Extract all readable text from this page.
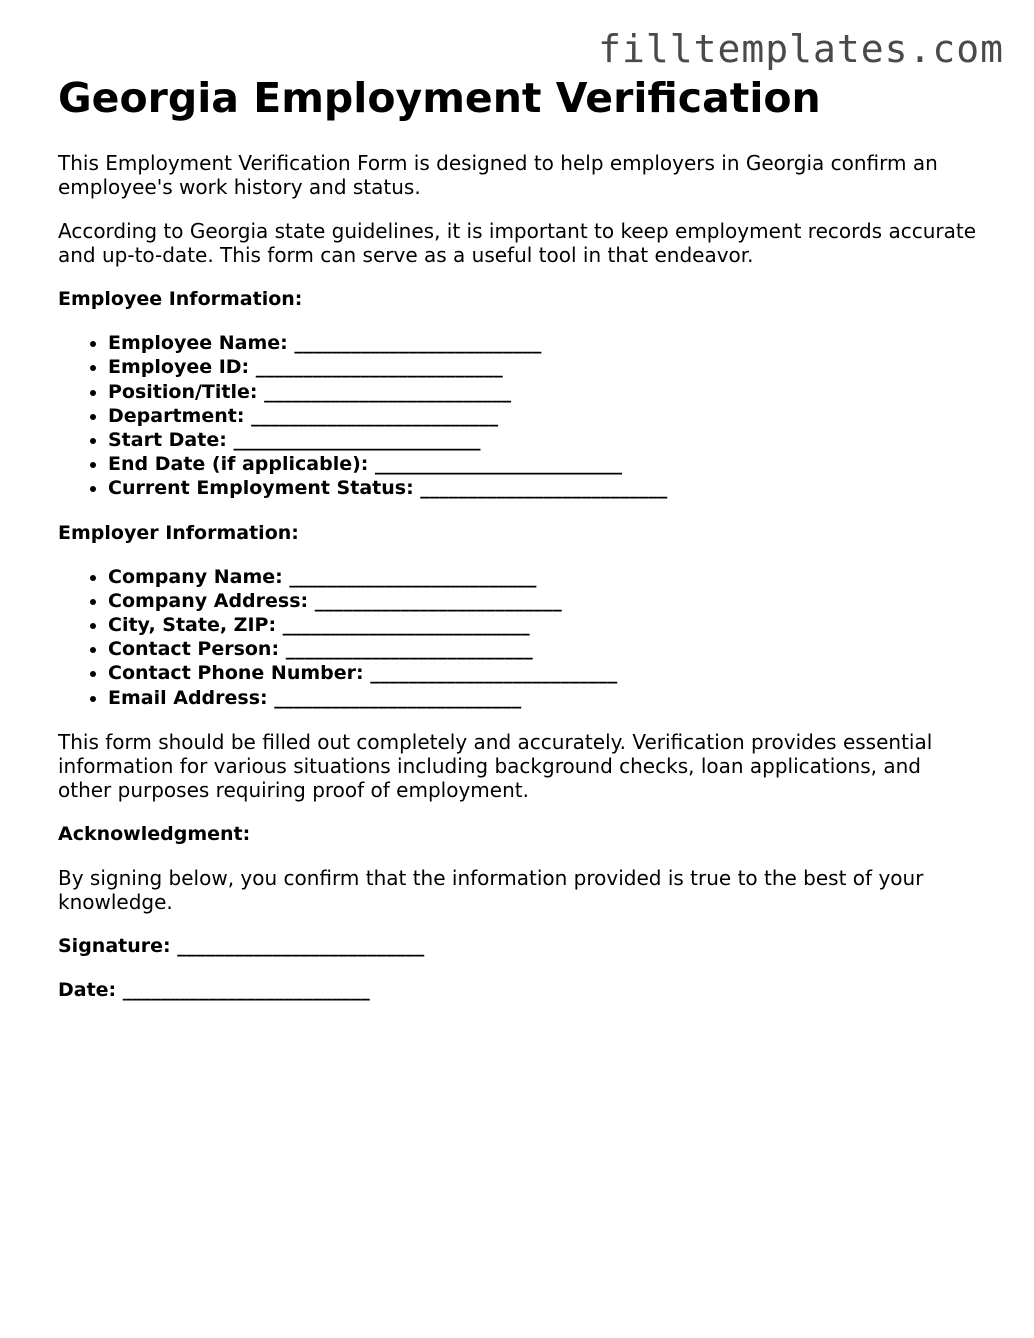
filltemplates.com
Georgia Employment Verification

This Employment Verification Form is designed to help employers in Georgia confirm an employee's work history and status.

According to Georgia state guidelines, it is important to keep employment records accurate and up-to-date. This form can serve as a useful tool in that endeavor.

Employee Information:
• Employee Name: __________________________
• Employee ID: __________________________
• Position/Title: __________________________
• Department: __________________________
• Start Date: __________________________
• End Date (if applicable): __________________________
• Current Employment Status: __________________________
Employer Information:
• Company Name: __________________________
• Company Address: __________________________
• City, State, ZIP: __________________________
• Contact Person: __________________________
• Contact Phone Number: __________________________
• Email Address: __________________________

This form should be filled out completely and accurately. Verification provides essential information for various situations including background checks, loan applications, and other purposes requiring proof of employment.

Acknowledgment:

By signing below, you confirm that the information provided is true to the best of your knowledge.

Signature: __________________________
Date: __________________________
